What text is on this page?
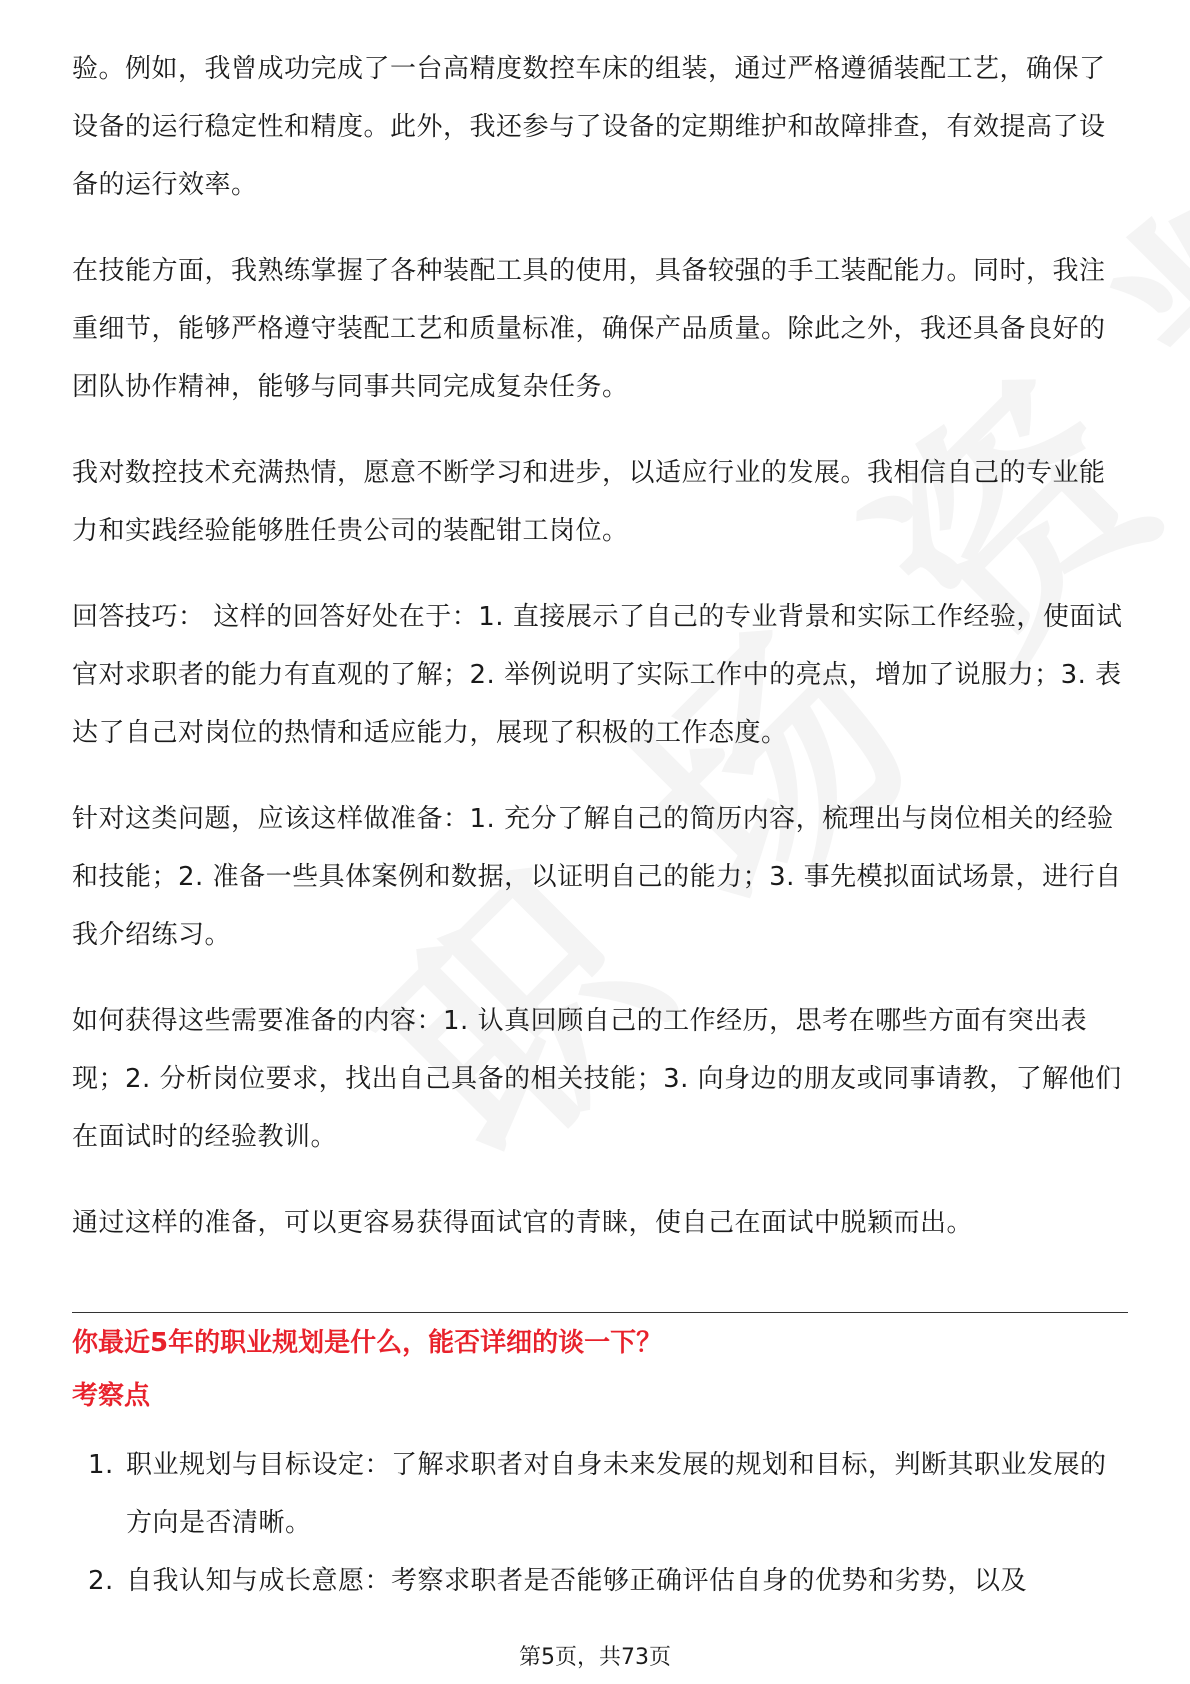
验。例如，我曾成功完成了一台高精度数控车床的组装，通过严格遵循装配工艺，确保了设备的运行稳定性和精度。此外，我还参与了设备的定期维护和故障排查，有效提高了设备的运行效率。

在技能方面，我熟练掌握了各种装配工具的使用，具备较强的手工装配能力。同时，我注重细节，能够严格遵守装配工艺和质量标准，确保产品质量。除此之外，我还具备良好的团队协作精神，能够与同事共同完成复杂任务。

我对数控技术充满热情，愿意不断学习和进步，以适应行业的发展。我相信自己的专业能力和实践经验能够胜任贵公司的装配钳工岗位。

回答技巧： 这样的回答好处在于：1. 直接展示了自己的专业背景和实际工作经验，使面试官对求职者的能力有直观的了解；2. 举例说明了实际工作中的亮点，增加了说服力；3. 表达了自己对岗位的热情和适应能力，展现了积极的工作态度。

针对这类问题，应该这样做准备：1. 充分了解自己的简历内容，梳理出与岗位相关的经验和技能；2. 准备一些具体案例和数据，以证明自己的能力；3. 事先模拟面试场景，进行自我介绍练习。

如何获得这些需要准备的内容：1. 认真回顾自己的工作经历，思考在哪些方面有突出表现；2. 分析岗位要求，找出自己具备的相关技能；3. 向身边的朋友或同事请教，了解他们在面试时的经验教训。

通过这样的准备，可以更容易获得面试官的青睐，使自己在面试中脱颖而出。

你最近5年的职业规划是什么，能否详细的谈一下？
考察点
1. 职业规划与目标设定：了解求职者对自身未来发展的规划和目标，判断其职业发展的方向是否清晰。
2. 自我认知与成长意愿：考察求职者是否能够正确评估自身的优势和劣势，以及
第5页，共73页
